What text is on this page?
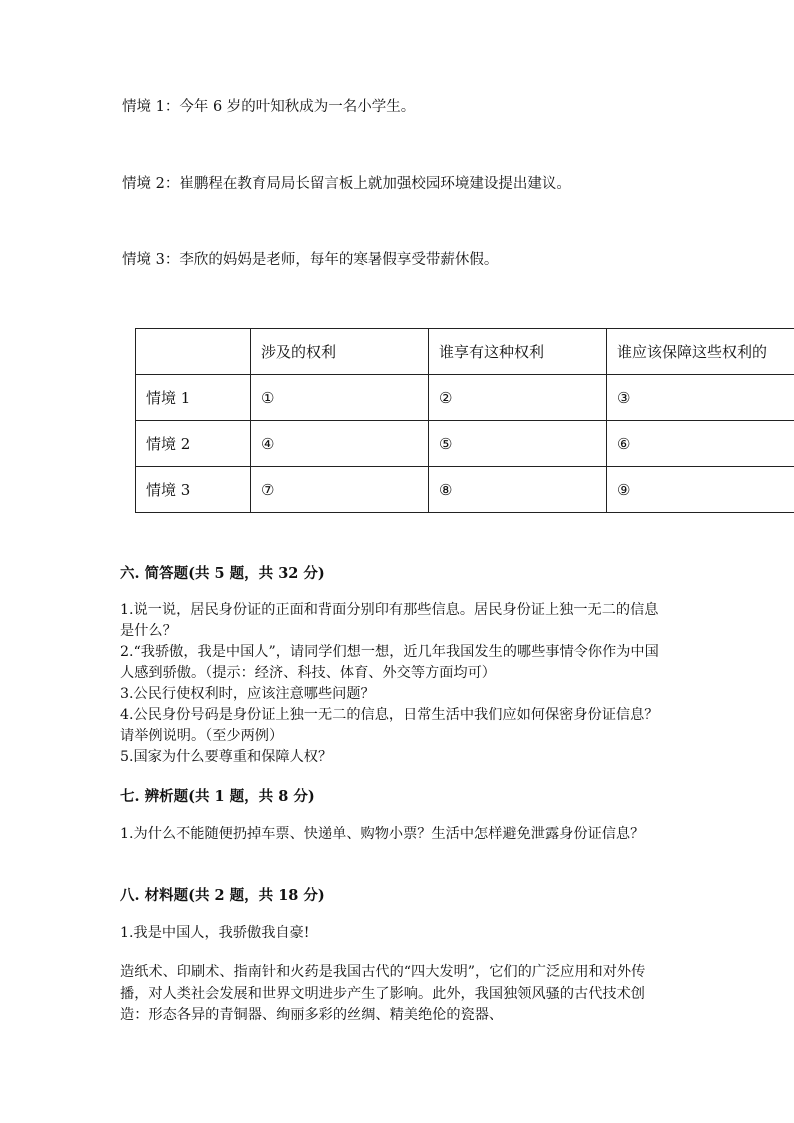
情境 1：今年 6 岁的叶知秋成为一名小学生。
情境 2：崔鹏程在教育局局长留言板上就加强校园环境建设提出建议。
情境 3：李欣的妈妈是老师，每年的寒暑假享受带薪休假。
	涉及的权利	谁享有这种权利	谁应该保障这些权利的
情境 1	①	②	③
情境 2	④	⑤	⑥
情境 3	⑦	⑧	⑨
六. 简答题(共 5 题，共 32 分)
1.说一说，居民身份证的正面和背面分别印有那些信息。居民身份证上独一无二的信息是什么？
2.“我骄傲，我是中国人”，请同学们想一想，近几年我国发生的哪些事情令你作为中国人感到骄傲。（提示：经济、科技、体育、外交等方面均可）
3.公民行使权利时，应该注意哪些问题？
4.公民身份号码是身份证上独一无二的信息，日常生活中我们应如何保密身份证信息？请举例说明。（至少两例）
5.国家为什么要尊重和保障人权？
七. 辨析题(共 1 题，共 8 分)
1.为什么不能随便扔掉车票、快递单、购物小票？生活中怎样避免泄露身份证信息？
八. 材料题(共 2 题，共 18 分)
1.我是中国人，我骄傲我自豪!
造纸术、印刷术、指南针和火药是我国古代的“四大发明”，它们的广泛应用和对外传播，对人类社会发展和世界文明进步产生了影响。此外，我国独领风骚的古代技术创造：形态各异的青铜器、绚丽多彩的丝绸、精美绝伦的瓷器、
